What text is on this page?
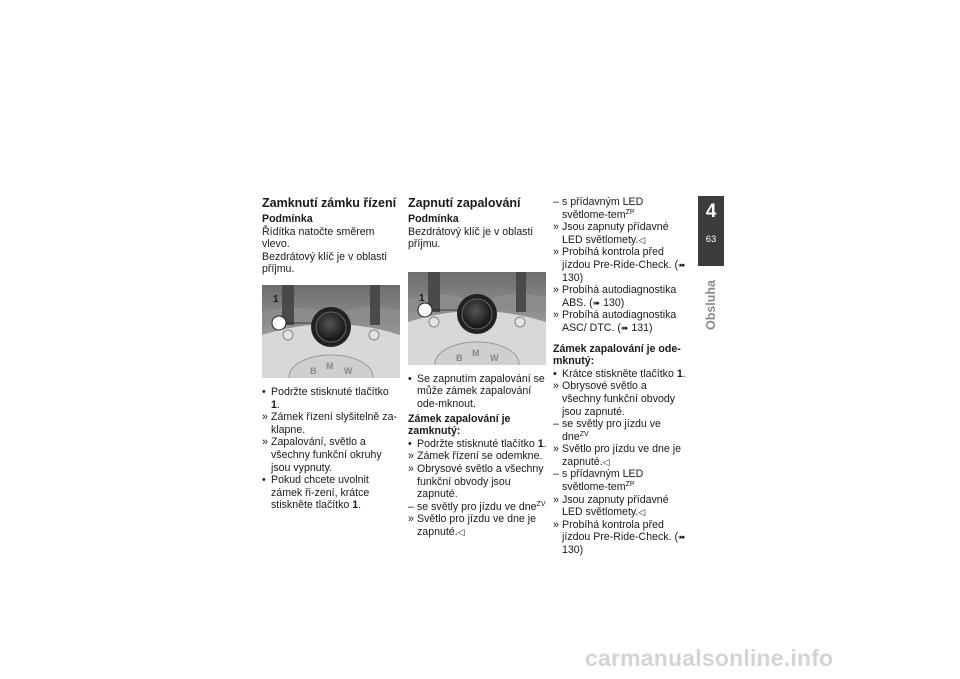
Zamknutí zámku řízení
Podmínka

Řídítka natočte směrem vlevo.

Bezdrátový klíč je v oblasti příjmu.

B M W
1
• Podržte stisknuté tlačítko 1.
» Zámek řízení slyšitelně za-klapne.
» Zapalování, světlo a všechny funkční okruhy jsou vypnuty.
• Pokud chcete uvolnit zámek ři-zení, krátce stiskněte tlačítko 1.
Zapnutí zapalování
Podmínka

Bezdrátový klíč je v oblasti příjmu.

B M W
1
• Se zapnutím zapalování se může zámek zapalování ode-mknout.
Zámek zapalování je zamknutý:
• Podržte stisknuté tlačítko 1.
» Zámek řízení se odemkne.
» Obrysové světlo a všechny funkční obvody jsou zapnuté.
– se světly pro jízdu ve dne$^{ZV}$
» Světlo pro jízdu ve dne je zapnuté.◁
– s přídavným LED světlome-tem$^{ZP}$
» Jsou zapnuty přídavné LED světlomety.◁
» Probíhá kontrola před jízdou Pre-Ride-Check. (➠ 130)
» Probíhá autodiagnostika ABS. (➠ 130)
» Probíhá autodiagnostika ASC/ DTC. (➠ 131)
Zámek zapalování je ode-mknutý:
• Krátce stiskněte tlačítko 1.
» Obrysové světlo a všechny funkční obvody jsou zapnuté.
– se světly pro jízdu ve dne$^{ZV}$
» Světlo pro jízdu ve dne je zapnuté.◁
– s přídavným LED světlome-tem$^{ZP}$
» Jsou zapnuty přídavné LED světlomety.◁
» Probíhá kontrola před jízdou Pre-Ride-Check. (➠ 130)
4
63
Obsluha
carmanualsonline.info
